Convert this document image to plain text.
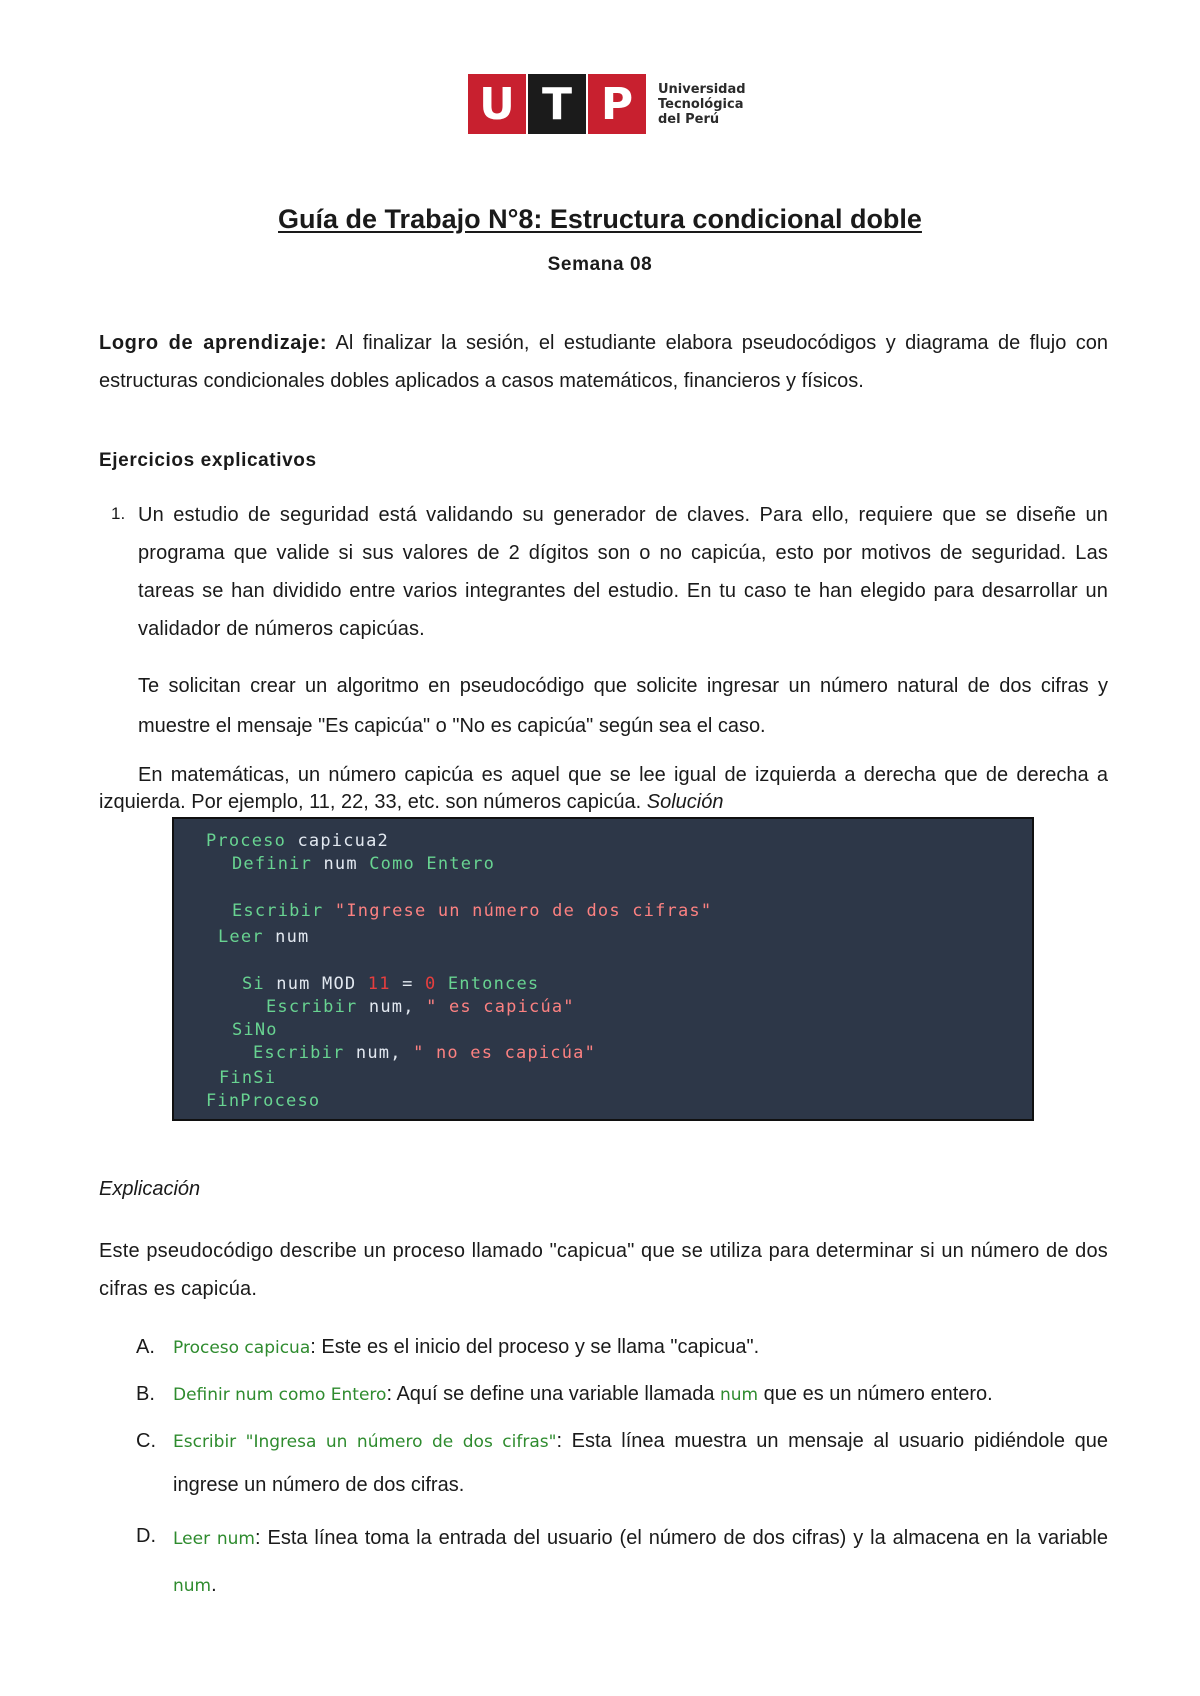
U T P	Universidad
Tecnológica
del Perú
Guía de Trabajo N°8: Estructura condicional doble
Semana 08
Logro de aprendizaje: Al finalizar la sesión, el estudiante elabora pseudocódigos y diagrama de flujo con estructuras condicionales dobles aplicados a casos matemáticos, financieros y físicos.
Ejercicios explicativos
1. Un estudio de seguridad está validando su generador de claves. Para ello, requiere que se diseñe un programa que valide si sus valores de 2 dígitos son o no capicúa, esto por motivos de seguridad. Las tareas se han dividido entre varios integrantes del estudio. En tu caso te han elegido para desarrollar un validador de números capicúas.
Te solicitan crear un algoritmo en pseudocódigo que solicite ingresar un número natural de dos cifras y muestre el mensaje "Es capicúa" o "No es capicúa" según sea el caso.
En matemáticas, un número capicúa es aquel que se lee igual de izquierda a derecha que de derecha a izquierda. Por ejemplo, 11, 22, 33, etc. son números capicúa. Solución
Proceso capicua2
Definir num Como Entero
Escribir "Ingrese un número de dos cifras"
Leer num
Si num MOD 11 = 0 Entonces
Escribir num, " es capicúa"
SiNo
Escribir num, " no es capicúa"
FinSi
FinProceso
Explicación
Este pseudocódigo describe un proceso llamado "capicua" que se utiliza para determinar si un número de dos cifras es capicúa.
A.	Proceso capicua: Este es el inicio del proceso y se llama "capicua".
B.	Definir num como Entero: Aquí se define una variable llamada num que es un número entero.
C.	Escribir "Ingresa un número de dos cifras": Esta línea muestra un mensaje al usuario pidiéndole que ingrese un número de dos cifras.
D.	Leer num: Esta línea toma la entrada del usuario (el número de dos cifras) y la almacena en la variable num.
